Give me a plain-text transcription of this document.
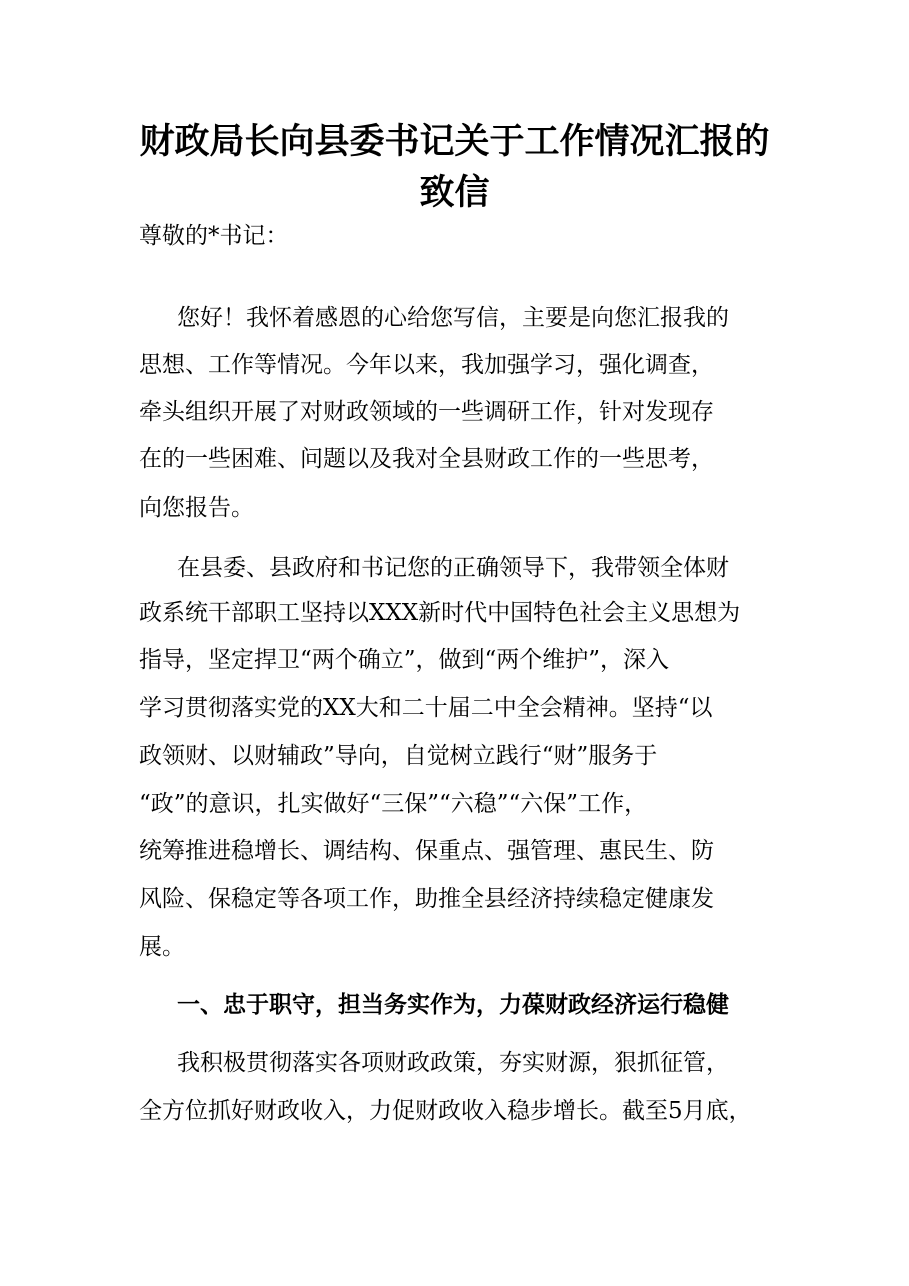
财政局长向县委书记关于工作情况汇报的
致信
尊敬的*书记：
您好！我怀着感恩的心给您写信，主要是向您汇报我的
思想、工作等情况。今年以来，我加强学习，强化调查，
牵头组织开展了对财政领域的一些调研工作，针对发现存
在的一些困难、问题以及我对全县财政工作的一些思考，
向您报告。
在县委、县政府和书记您的正确领导下，我带领全体财
政系统干部职工坚持以XXX新时代中国特色社会主义思想为
指导，坚定捍卫“两个确立”，做到“两个维护”，深入
学习贯彻落实党的XX大和二十届二中全会精神。坚持“以
政领财、以财辅政”导向，自觉树立践行“财”服务于
“政”的意识，扎实做好“三保”“六稳”“六保”工作，
统筹推进稳增长、调结构、保重点、强管理、惠民生、防
风险、保稳定等各项工作，助推全县经济持续稳定健康发
展。
一、忠于职守，担当务实作为，力葆财政经济运行稳健
我积极贯彻落实各项财政政策，夯实财源，狠抓征管，
全方位抓好财政收入，力促财政收入稳步增长。截至5月底，
